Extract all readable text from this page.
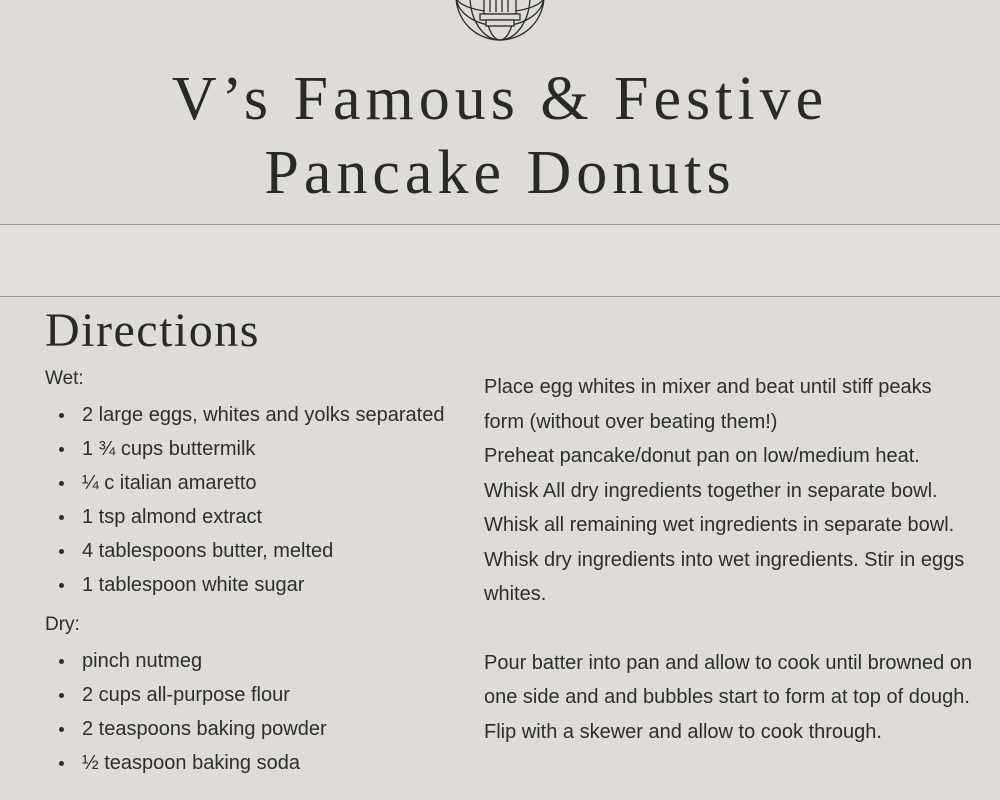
V’s Famous & Festive
Pancake Donuts
Directions

Wet:

2 large eggs, whites and yolks separated
1 ¾ cups buttermilk
¼ c italian amaretto
1 tsp almond extract
4 tablespoons butter, melted
1 tablespoon white sugar

Dry:

pinch nutmeg
2 cups all-purpose flour
2 teaspoons baking powder
½ teaspoon baking soda

Place egg whites in mixer and beat until stiff peaks form (without over beating them!)

Preheat pancake/donut pan on low/medium heat. Whisk All dry ingredients together in separate bowl. Whisk all remaining wet ingredients in separate bowl. Whisk dry ingredients into wet ingredients. Stir in eggs whites.

Pour batter into pan and allow to cook until browned on one side and and bubbles start to form at top of dough. Flip with a skewer and allow to cook through.
